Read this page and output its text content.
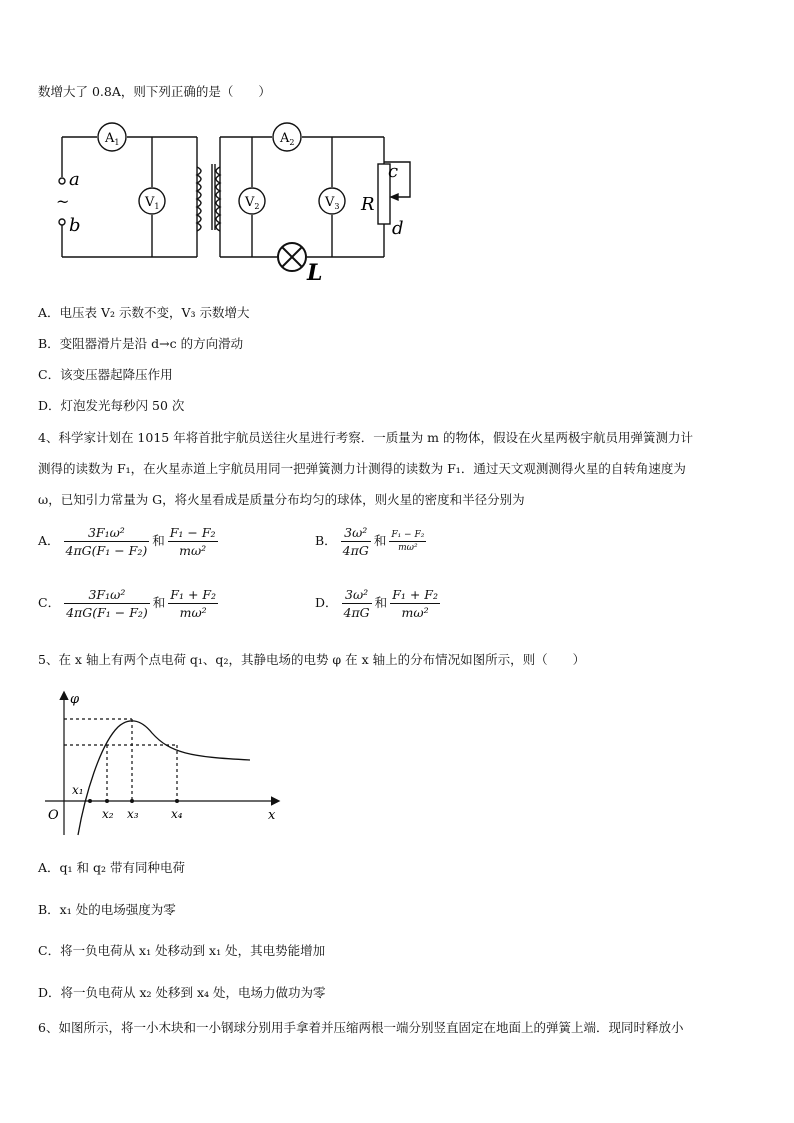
数增大了 0.8A，则下列正确的是（　　）
$A_1$	$A_2$
$V_1$	$V_2$	$V_3$
a
~
b
R
c
d
L
A．电压表 V₂ 示数不变，V₃ 示数增大
B．变阻器滑片是沿 d→c 的方向滑动
C．该变压器起降压作用
D．灯泡发光每秒闪 50 次
4、科学家计划在 1015 年将首批宇航员送往火星进行考察．一质量为 m 的物体，假设在火星两极宇航员用弹簧测力计
测得的读数为 F₁，在火星赤道上宇航员用同一把弹簧测力计测得的读数为 F₁．通过天文观测测得火星的自转角速度为
ω，已知引力常量为 G，将火星看成是质量分布均匀的球体，则火星的密度和半径分别为
A． $\frac{\text{3F₁ω²}}{\text{4πG(F₁ − F₂)}}$ 和 $\frac{\text{F₁ − F₂}}{\text{mω²}}$	B． $\frac{\text{3ω²}}{4\pi G}$ 和 $\frac{\text{F₁ − F₂}}{\text{mω²}}$
C． $\frac{\text{3F₁ω²}}{\text{4πG(F₁ − F₂)}}$ 和 $\frac{\text{F₁ + F₂}}{\text{mω²}}$	D． $\frac{\text{3ω²}}{4\pi G}$ 和 $\frac{\text{F₁ + F₂}}{\text{mω²}}$
5、在 x 轴上有两个点电荷 q₁、q₂，其静电场的电势 φ 在 x 轴上的分布情况如图所示，则（　　）
φ
O	x
x₁
x₂ x₃	x₄
A．q₁ 和 q₂ 带有同种电荷
B．x₁ 处的电场强度为零
C．将一负电荷从 x₁ 处移动到 x₁ 处，其电势能增加
D．将一负电荷从 x₂ 处移到 x₄ 处，电场力做功为零
6、如图所示，将一小木块和一小钢球分别用手拿着并压缩两根一端分别竖直固定在地面上的弹簧上端．现同时释放小
